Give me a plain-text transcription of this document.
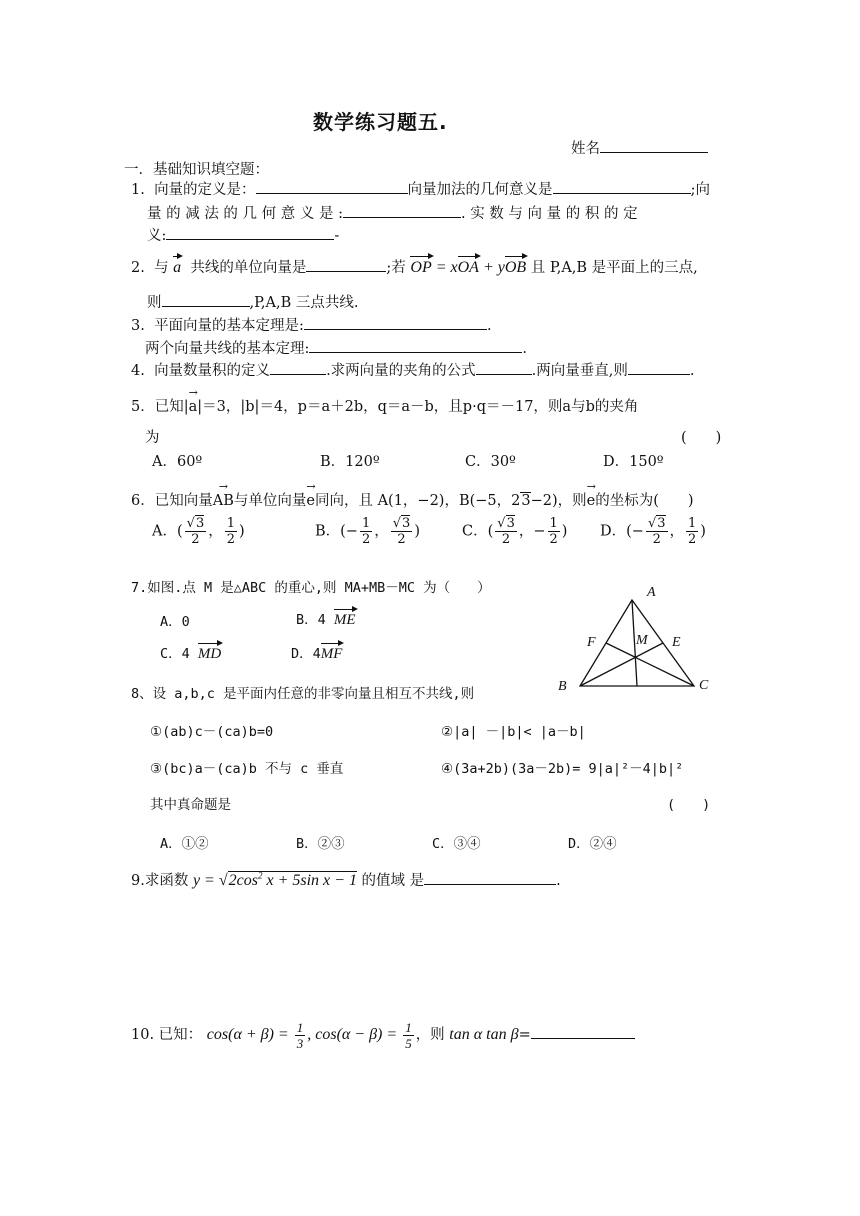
数学练习题五.
姓名
一．基础知识填空题：
1. 向量的定义是：	向量加法的几何意义是	;向
量 的 减 法 的 几 何 意 义 是 :	. 实 数 与 向 量 的 积 的 定
义:	-
2. 与 a 共线的单位向量是	;若 OP = xOA + yOB 且 P,A,B 是平面上的三点,
则	,P,A,B 三点共线.
3. 平面向量的基本定理是:	.
两个向量共线的基本定理:	.
4. 向量数量积的定义	.求两向量的夹角的公式	.两向量垂直,则	.
5．已知|
→
a|＝3，|b|＝4，p＝a＋2b，q＝a－b，且p·q＝－17，则a与b的夹角
为	(　　)
A．60º	B．120º	C．30º	D．150º
6．已知向量
→
AB与单位向量
→
e同向，且 A(1，−2)，B(−5，23−2)，则
→
e的坐标为(　　)
A．( $\frac{√3}{2}$ ， $\frac{1}{2}$ )	B．(− $\frac{1}{2}$ ， $\frac{√3}{2}$ )	C．( $\frac{√3}{2}$ ，− $\frac{1}{2}$ ) D．(− $\frac{√3}{2}$ ， $\frac{1}{2}$ )
7.如图.点 M 是△ABC 的重心,则 MA+MB－MC 为（　　）
A．0	B．4 ME
C．4 MD	D．4MF
A
B	C
E
F	M
8、设 a,b,c 是平面内任意的非零向量且相互不共线,则
①(ab)c－(ca)b=0	②|a| －|b|< |a－b|
③(bc)a－(ca)b 不与 c 垂直	④(3a+2b)(3a－2b)= 9|a|²－4|b|²
其中真命题是	(　　)
A．①②	B．②③	C．③④	D．②④
9.求函数 $y = √2\cos^2$ x + 5sin x − 1 的值域 是	.
10. 已知： $\cos(\alpha + \beta) = \frac{1}{3}$ , $\cos(\alpha - \beta) = \frac{1}{5}$ ，则 tan α tan β=
